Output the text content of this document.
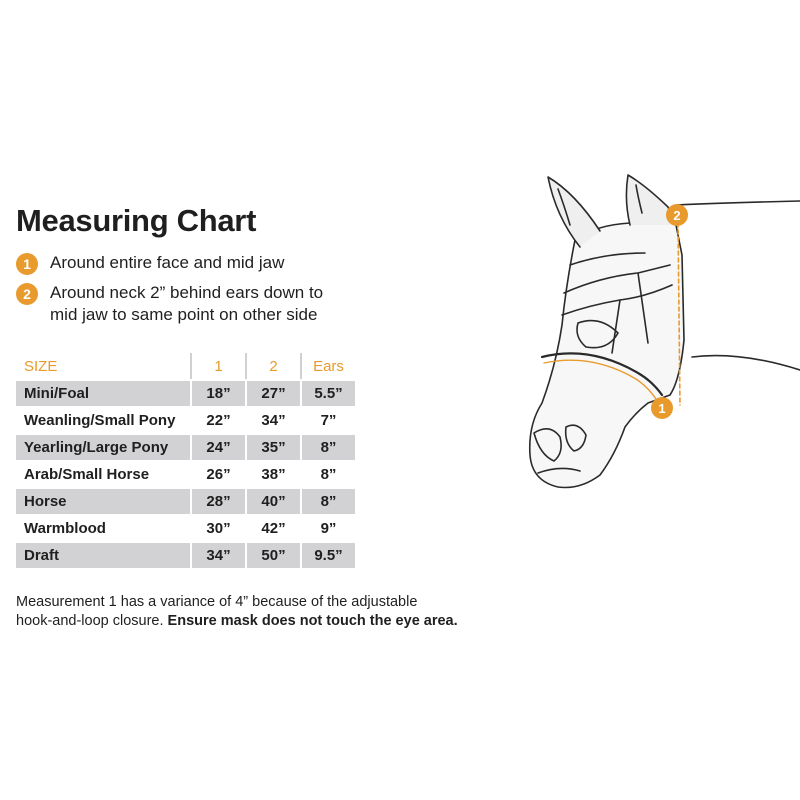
Measuring Chart
1	Around entire face and mid jaw
2	Around neck 2” behind ears down to
mid jaw to same point on other side
SIZE	1	2	Ears
Mini/Foal	18”	27”	5.5”
Weanling/Small Pony	22”	34”	7”
Yearling/Large Pony	24”	35”	8”
Arab/Small Horse	26”	38”	8”
Horse	28”	40”	8”
Warmblood	30”	42”	9”
Draft	34”	50”	9.5”

Measurement 1 has a variance of 4” because of the adjustable
hook-and-loop closure. Ensure mask does not touch the eye area.

2
1
